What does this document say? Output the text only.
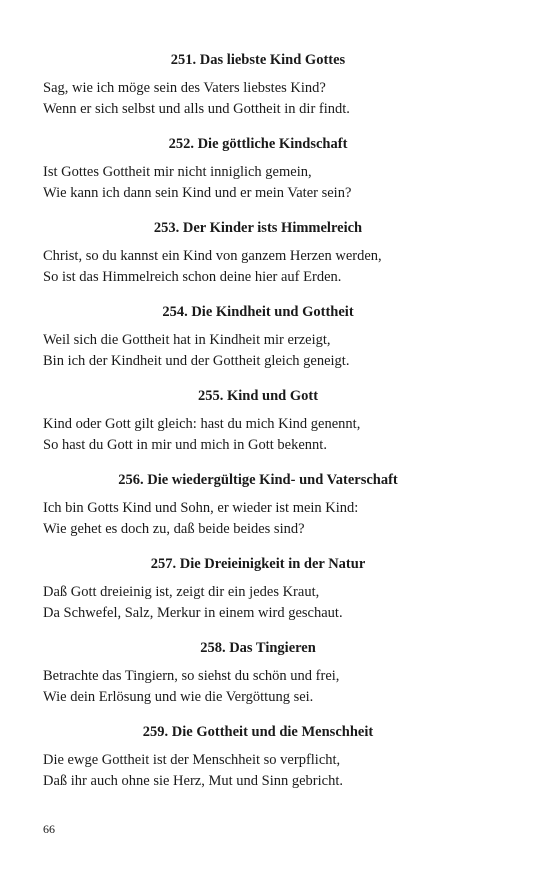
251. Das liebste Kind Gottes
Sag, wie ich möge sein des Vaters liebstes Kind?
Wenn er sich selbst und alls und Gottheit in dir findt.
252. Die göttliche Kindschaft
Ist Gottes Gottheit mir nicht inniglich gemein,
Wie kann ich dann sein Kind und er mein Vater sein?
253. Der Kinder ists Himmelreich
Christ, so du kannst ein Kind von ganzem Herzen werden,
So ist das Himmelreich schon deine hier auf Erden.
254. Die Kindheit und Gottheit
Weil sich die Gottheit hat in Kindheit mir erzeigt,
Bin ich der Kindheit und der Gottheit gleich geneigt.
255. Kind und Gott
Kind oder Gott gilt gleich: hast du mich Kind genennt,
So hast du Gott in mir und mich in Gott bekennt.
256. Die wiedergültige Kind- und Vaterschaft
Ich bin Gotts Kind und Sohn, er wieder ist mein Kind:
Wie gehet es doch zu, daß beide beides sind?
257. Die Dreieinigkeit in der Natur
Daß Gott dreieinig ist, zeigt dir ein jedes Kraut,
Da Schwefel, Salz, Merkur in einem wird geschaut.
258. Das Tingieren
Betrachte das Tingiern, so siehst du schön und frei,
Wie dein Erlösung und wie die Vergöttung sei.
259. Die Gottheit und die Menschheit
Die ewge Gottheit ist der Menschheit so verpflicht,
Daß ihr auch ohne sie Herz, Mut und Sinn gebricht.
66
